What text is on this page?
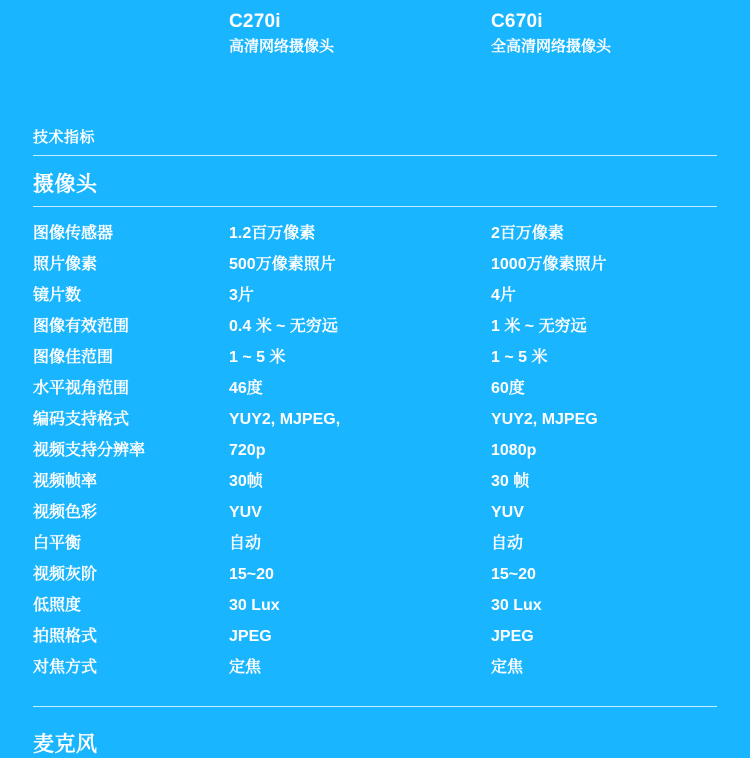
C270i
高清网络摄像头
C670i
全高清网络摄像头
技术指标
摄像头
图像传感器	1.2百万像素	2百万像素
照片像素	500万像素照片	1000万像素照片
镜片数	3片	4片
图像有效范围	0.4 米 ~ 无穷远	1 米 ~ 无穷远
图像佳范围	1 ~ 5 米	1 ~ 5 米
水平视角范围	46度	60度
编码支持格式	YUY2, MJPEG,	YUY2, MJPEG
视频支持分辨率	720p	1080p
视频帧率	30帧	30 帧
视频色彩	YUV	YUV
白平衡	自动	自动
视频灰阶	15~20	15~20
低照度	30 Lux	30 Lux
拍照格式	JPEG	JPEG
对焦方式	定焦	定焦
麦克风
